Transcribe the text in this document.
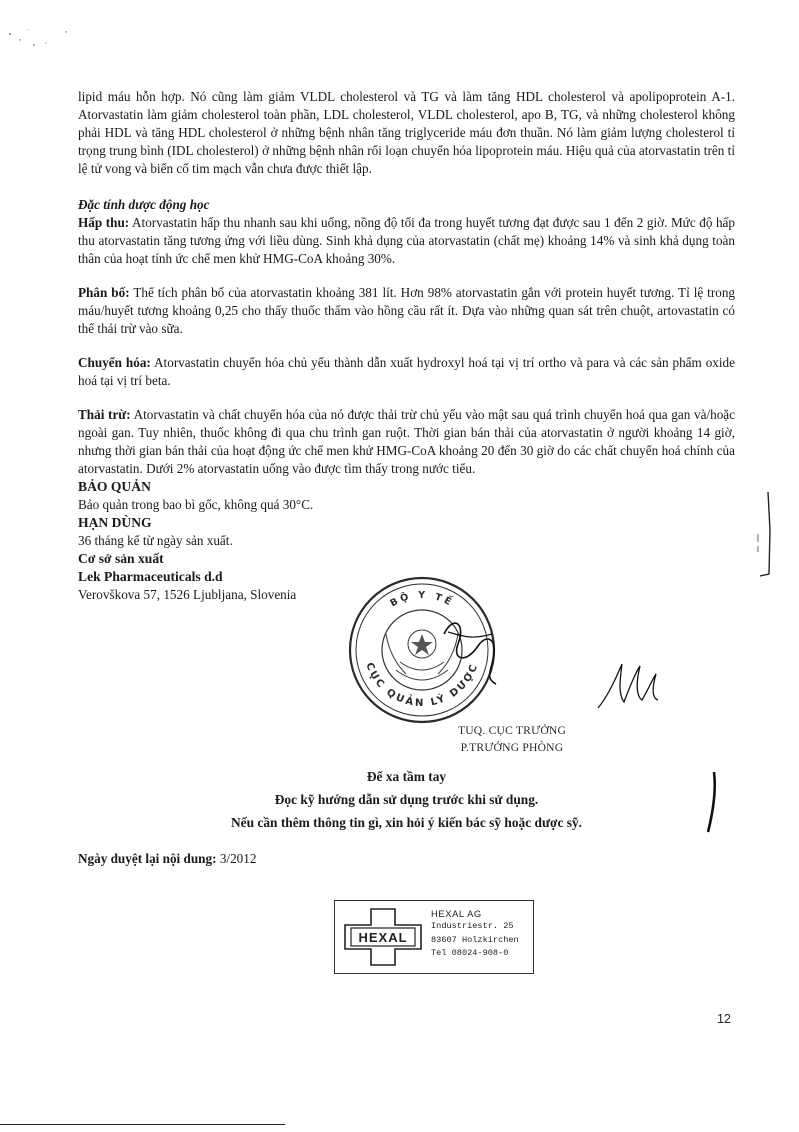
lipid máu hỗn hợp. Nó cũng làm giảm VLDL cholesterol và TG và làm tăng HDL cholesterol và apolipoprotein A-1. Atorvastatin làm giảm cholesterol toàn phần, LDL cholesterol, VLDL cholesterol, apo B, TG, và những cholesterol không phải HDL và tăng HDL cholesterol ở những bệnh nhân tăng triglyceride máu đơn thuần. Nó làm giảm lượng cholesterol tỉ trọng trung bình (IDL cholesterol) ở những bệnh nhân rối loạn chuyển hóa lipoprotein máu. Hiệu quả của atorvastatin trên tỉ lệ tử vong và biến cố tim mạch vẫn chưa được thiết lập.

Đặc tính dược động học

Hấp thu: Atorvastatin hấp thu nhanh sau khi uống, nồng độ tối đa trong huyết tương đạt được sau 1 đến 2 giờ. Mức độ hấp thu atorvastatin tăng tương ứng với liều dùng. Sinh khả dụng của atorvastatin (chất mẹ) khoảng 14% và sinh khả dụng toàn thân của hoạt tính ức chế men khử HMG-CoA khoảng 30%.

Phân bố: Thể tích phân bố của atorvastatin khoảng 381 lít. Hơn 98% atorvastatin gắn với protein huyết tương. Tỉ lệ trong máu/huyết tương khoảng 0,25 cho thấy thuốc thấm vào hồng cầu rất ít. Dựa vào những quan sát trên chuột, artovastatin có thể thải trừ vào sữa.

Chuyển hóa: Atorvastatin chuyển hóa chủ yếu thành dẫn xuất hydroxyl hoá tại vị trí ortho và para và các sản phẩm oxide hoá tại vị trí beta.

Thải trừ: Atorvastatin và chất chuyển hóa của nó được thải trừ chủ yếu vào mật sau quá trình chuyển hoá qua gan và/hoặc ngoài gan. Tuy nhiên, thuốc không đi qua chu trình gan ruột. Thời gian bán thải của atorvastatin ở người khoảng 14 giờ, nhưng thời gian bán thải của hoạt động ức chế men khử HMG-CoA khoảng 20 đến 30 giờ do các chất chuyển hoá chính của atorvastatin. Dưới 2% atorvastatin uống vào được tìm thấy trong nước tiểu.

BẢO QUẢN

Bảo quản trong bao bì gốc, không quá 30°C.

HẠN DÙNG

36 tháng kể từ ngày sản xuất.

Cơ sở sản xuất

Lek Pharmaceuticals d.d

Verovškova 57, 1526 Ljubljana, Slovenia

BỘ Y TẾ
CỤC QUẢN LÝ DƯỢC
TUQ. CỤC TRƯỞNG
P.TRƯỞNG PHÒNG
Để xa tầm tay
Đọc kỹ hướng dẫn sử dụng trước khi sử dụng.
Nếu cần thêm thông tin gì, xin hỏi ý kiến bác sỹ hoặc dược sỹ.
Ngày duyệt lại nội dung: 3/2012
HEXAL
HEXAL AG
Industriestr. 25
83607 Holzkirchen
Tel 08024-908-0
12
